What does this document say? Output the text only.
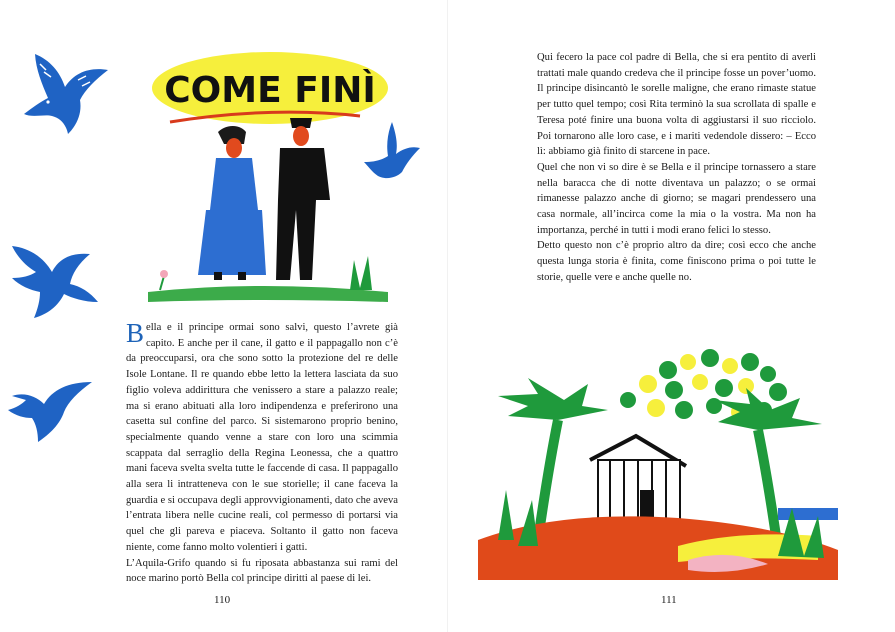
COME FINÌ

Bella e il principe ormai sono salvi, questo l’avrete già capito. E anche per il cane, il gatto e il pappagallo non c’è da preoccuparsi, ora che sono sotto la protezione del re delle Isole Lontane. Il re quando ebbe letto la lettera lasciata da suo figlio voleva addirittura che venissero a stare a palazzo reale; ma si erano abituati alla loro indipendenza e preferirono una casetta sul confine del parco. Si sistemarono proprio benino, specialmente quando venne a stare con loro una scimmia scappata dal serraglio della Regina Leonessa, che a quattro mani faceva svelta svelta tutte le faccende di casa. Il pappagallo alla sera li intratteneva con le sue storielle; il cane faceva la guardia e si occupava degli approvvigionamenti, dato che aveva l’entrata libera nelle cucine reali, col permesso di portarsi via quel che gli pareva e piaceva. Soltanto il gatto non faceva niente, come fanno molto volentieri i gatti.

L’Aquila-Grifo quando si fu riposata abbastanza sui rami del noce marino portò Bella col principe diritti al paese di lei.

110	111

Qui fecero la pace col padre di Bella, che si era pentito di averli trattati male quando credeva che il principe fosse un pover’uomo. Il principe disincantò le sorelle maligne, che erano rimaste statue per tutto quel tempo; così Rita terminò la sua scrollata di spalle e Teresa poté finire una buona volta di aggiustarsi il suo ricciolo. Poi tornarono alle loro case, e i mariti vedendole dissero: – Ecco lì: abbiamo già finito di starcene in pace.

Quel che non vi so dire è se Bella e il principe tornassero a stare nella baracca che di notte diventava un palazzo; o se ormai rimanesse palazzo anche di giorno; se magari prendessero una casa normale, all’incirca come la mia o la vostra. Ma non ha importanza, perché in tutti i modi erano felici lo stesso.

Detto questo non c’è proprio altro da dire; così ecco che anche questa lunga storia è finita, come finiscono prima o poi tutte le storie, quelle vere e anche quelle no.
